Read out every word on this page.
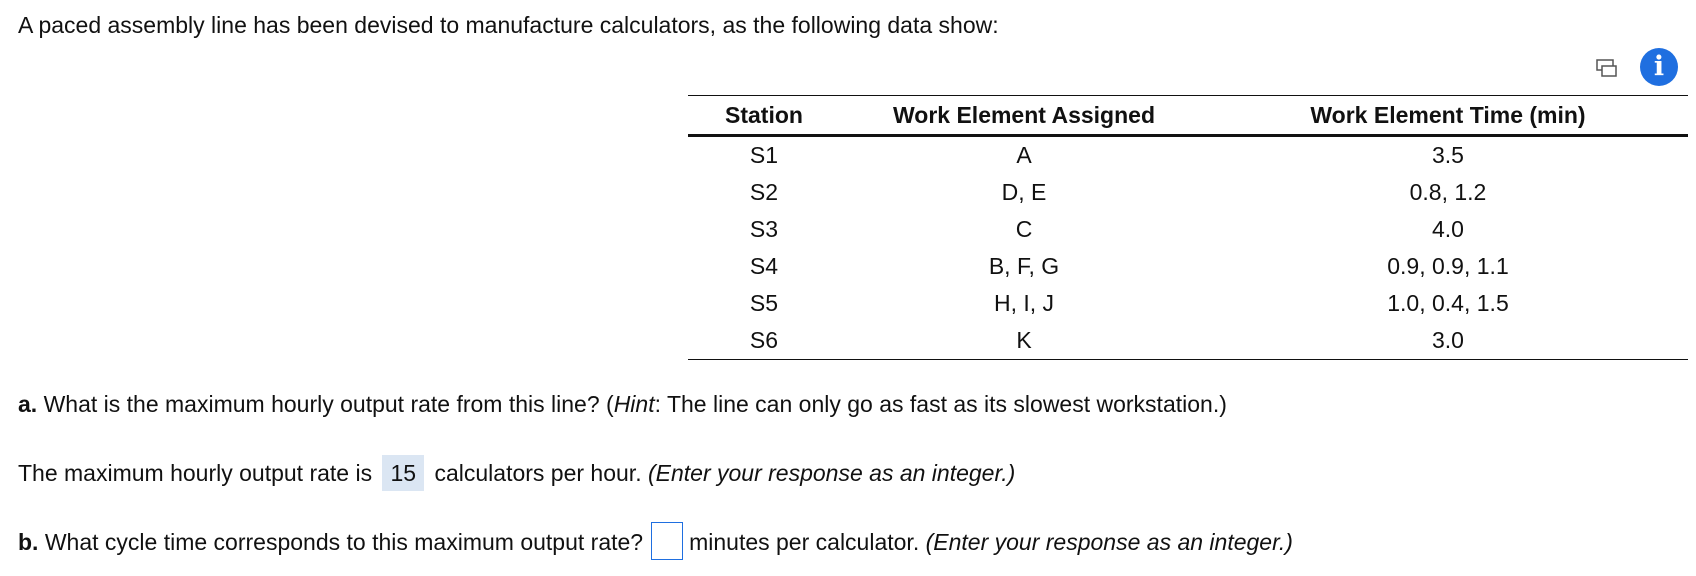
A paced assembly line has been devised to manufacture calculators, as the following data show:

i
Station	Work Element Assigned	Work Element Time (min)
S1	A	3.5
S2	D, E	0.8, 1.2
S3	C	4.0
S4	B, F, G	0.9, 0.9, 1.1
S5	H, I, J	1.0, 0.4, 1.5
S6	K	3.0

a. What is the maximum hourly output rate from this line? (Hint: The line can only go as fast as its slowest workstation.)

The maximum hourly output rate is 15 calculators per hour. (Enter your response as an integer.)

b. What cycle time corresponds to this maximum output rate? minutes per calculator. (Enter your response as an integer.)
